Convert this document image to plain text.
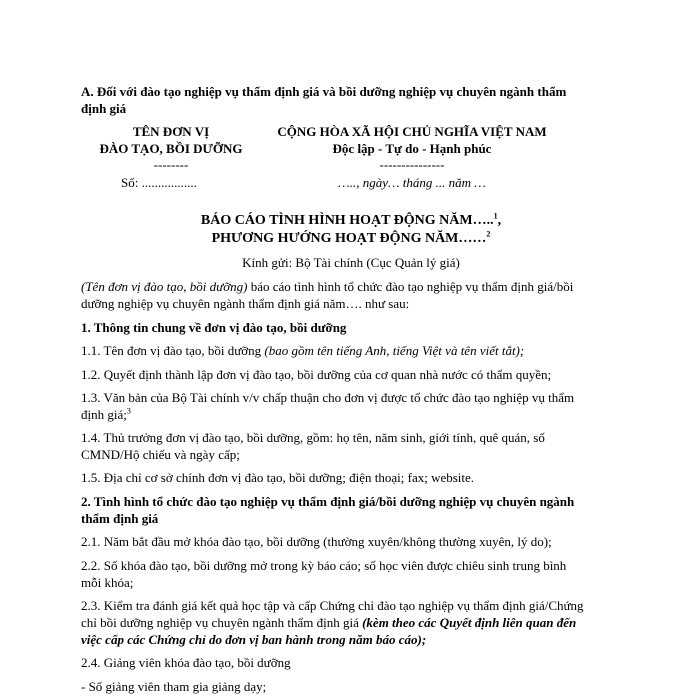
A. Đối với đào tạo nghiệp vụ thẩm định giá và bồi dưỡng nghiệp vụ chuyên ngành thẩm

định giá

TÊN ĐƠN VỊ

ĐÀO TẠO, BỒI DƯỠNG

--------

Số: .................

CỘNG HÒA XÃ HỘI CHỦ NGHĨA VIỆT NAM

Độc lập - Tự do - Hạnh phúc

---------------

….., ngày… tháng ... năm …

BÁO CÁO TÌNH HÌNH HOẠT ĐỘNG NĂM…..$^1$,

PHƯƠNG HƯỚNG HOẠT ĐỘNG NĂM……$^2$

Kính gửi: Bộ Tài chính (Cục Quản lý giá)

(Tên đơn vị đào tạo, bồi dưỡng) báo cáo tình hình tổ chức đào tạo nghiệp vụ thẩm định giá/bồi

dưỡng nghiệp vụ chuyên ngành thẩm định giá năm…. như sau:

1. Thông tin chung về đơn vị đào tạo, bồi dưỡng

1.1. Tên đơn vị đào tạo, bồi dưỡng (bao gồm tên tiếng Anh, tiếng Việt và tên viết tắt);

1.2. Quyết định thành lập đơn vị đào tạo, bồi dưỡng của cơ quan nhà nước có thẩm quyền;

1.3. Văn bản của Bộ Tài chính v/v chấp thuận cho đơn vị được tổ chức đào tạo nghiệp vụ thẩm

định giá;$^3$

1.4. Thủ trưởng đơn vị đào tạo, bồi dưỡng, gồm: họ tên, năm sinh, giới tính, quê quán, số

CMND/Hộ chiếu và ngày cấp;

1.5. Địa chỉ cơ sở chính đơn vị đào tạo, bồi dưỡng; điện thoại; fax; website.

2. Tình hình tổ chức đào tạo nghiệp vụ thẩm định giá/bồi dưỡng nghiệp vụ chuyên ngành

thẩm định giá

2.1. Năm bắt đầu mở khóa đào tạo, bồi dưỡng (thường xuyên/không thường xuyên, lý do);

2.2. Số khóa đào tạo, bồi dưỡng mở trong kỳ báo cáo; số học viên được chiêu sinh trung bình

mỗi khóa;

2.3. Kiểm tra đánh giá kết quả học tập và cấp Chứng chỉ đào tạo nghiệp vụ thẩm định giá/Chứng

chỉ bồi dưỡng nghiệp vụ chuyên ngành thẩm định giá (kèm theo các Quyết định liên quan đến

việc cấp các Chứng chỉ do đơn vị ban hành trong năm báo cáo);

2.4. Giảng viên khóa đào tạo, bồi dưỡng

- Số giảng viên tham gia giảng dạy;
